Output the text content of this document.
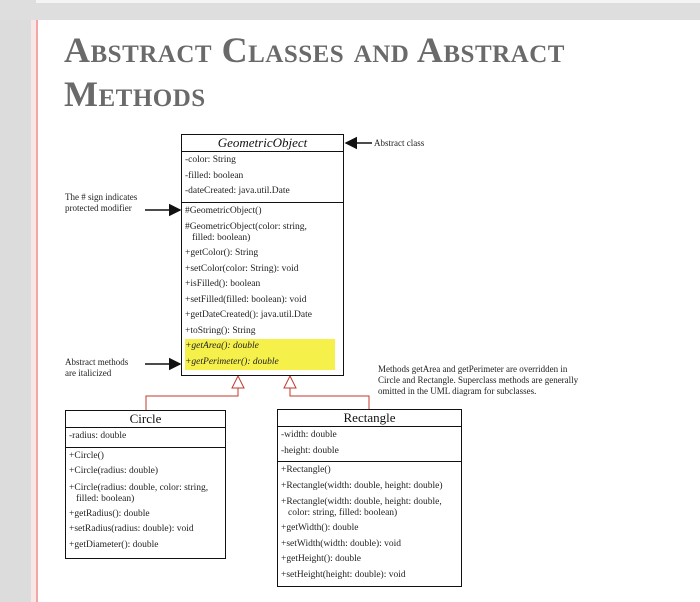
Abstract Classes and Abstract Methods
GeometricObject
-color: String
-filled: boolean
-dateCreated: java.util.Date
#GeometricObject()
#GeometricObject(color: string,
filled: boolean)
+getColor(): String
+setColor(color: String): void
+isFilled(): boolean
+setFilled(filled: boolean): void
+getDateCreated(): java.util.Date
+toString(): String
+getArea(): double
+getPerimeter(): double
Circle
-radius: double
+Circle()
+Circle(radius: double)
+Circle(radius: double, color: string,
filled: boolean)
+getRadius(): double
+setRadius(radius: double): void
+getDiameter(): double
Rectangle
-width: double
-height: double
+Rectangle()
+Rectangle(width: double, height: double)
+Rectangle(width: double, height: double,
color: string, filled: boolean)
+getWidth(): double
+setWidth(width: double): void
+getHeight(): double
+setHeight(height: double): void
Abstract class
The # sign indicates
protected modifier
Abstract methods
are italicized	Methods getArea and getPerimeter are overridden in
Circle and Rectangle. Superclass methods are generally
omitted in the UML diagram for subclasses.
